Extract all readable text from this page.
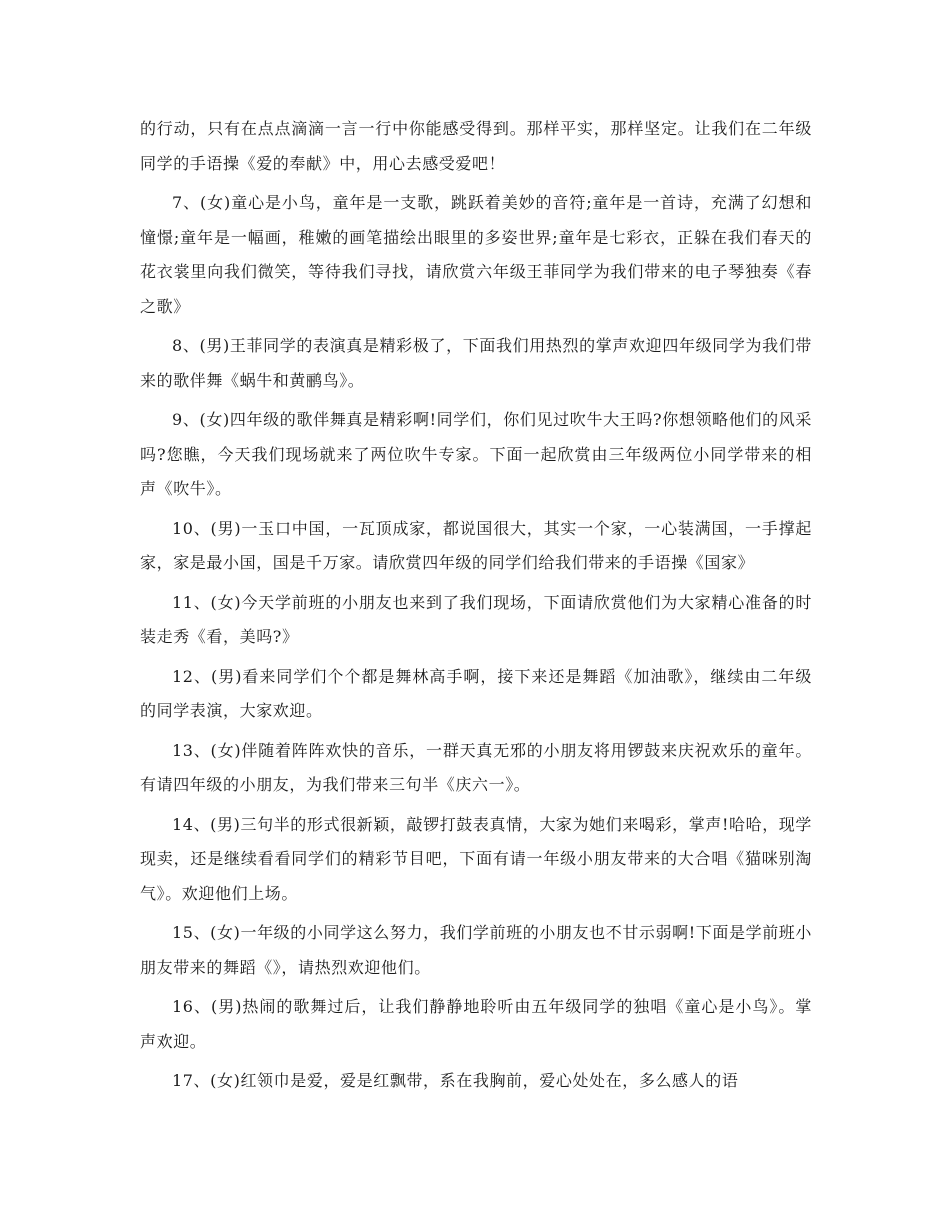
的行动，只有在点点滴滴一言一行中你能感受得到。那样平实，那样坚定。让我们在二年级同学的手语操《爱的奉献》中，用心去感受爱吧！

7、(女)童心是小鸟，童年是一支歌，跳跃着美妙的音符;童年是一首诗，充满了幻想和憧憬;童年是一幅画，稚嫩的画笔描绘出眼里的多姿世界;童年是七彩衣，正躲在我们春天的花衣裳里向我们微笑，等待我们寻找，请欣赏六年级王菲同学为我们带来的电子琴独奏《春之歌》

8、(男)王菲同学的表演真是精彩极了，下面我们用热烈的掌声欢迎四年级同学为我们带来的歌伴舞《蜗牛和黄鹂鸟》。

9、(女)四年级的歌伴舞真是精彩啊!同学们，你们见过吹牛大王吗?你想领略他们的风采吗?您瞧，今天我们现场就来了两位吹牛专家。下面一起欣赏由三年级两位小同学带来的相声《吹牛》。

10、(男)一玉口中国，一瓦顶成家，都说国很大，其实一个家，一心装满国，一手撑起家，家是最小国，国是千万家。请欣赏四年级的同学们给我们带来的手语操《国家》

11、(女)今天学前班的小朋友也来到了我们现场，下面请欣赏他们为大家精心准备的时装走秀《看，美吗?》

12、(男)看来同学们个个都是舞林高手啊，接下来还是舞蹈《加油歌》，继续由二年级的同学表演，大家欢迎。

13、(女)伴随着阵阵欢快的音乐，一群天真无邪的小朋友将用锣鼓来庆祝欢乐的童年。有请四年级的小朋友，为我们带来三句半《庆六一》。

14、(男)三句半的形式很新颖，敲锣打鼓表真情，大家为她们来喝彩，掌声!哈哈，现学现卖，还是继续看看同学们的精彩节目吧，下面有请一年级小朋友带来的大合唱《猫咪别淘气》。欢迎他们上场。

15、(女)一年级的小同学这么努力，我们学前班的小朋友也不甘示弱啊!下面是学前班小朋友带来的舞蹈《》，请热烈欢迎他们。

16、(男)热闹的歌舞过后，让我们静静地聆听由五年级同学的独唱《童心是小鸟》。掌声欢迎。

17、(女)红领巾是爱，爱是红飘带，系在我胸前，爱心处处在，多么感人的语
